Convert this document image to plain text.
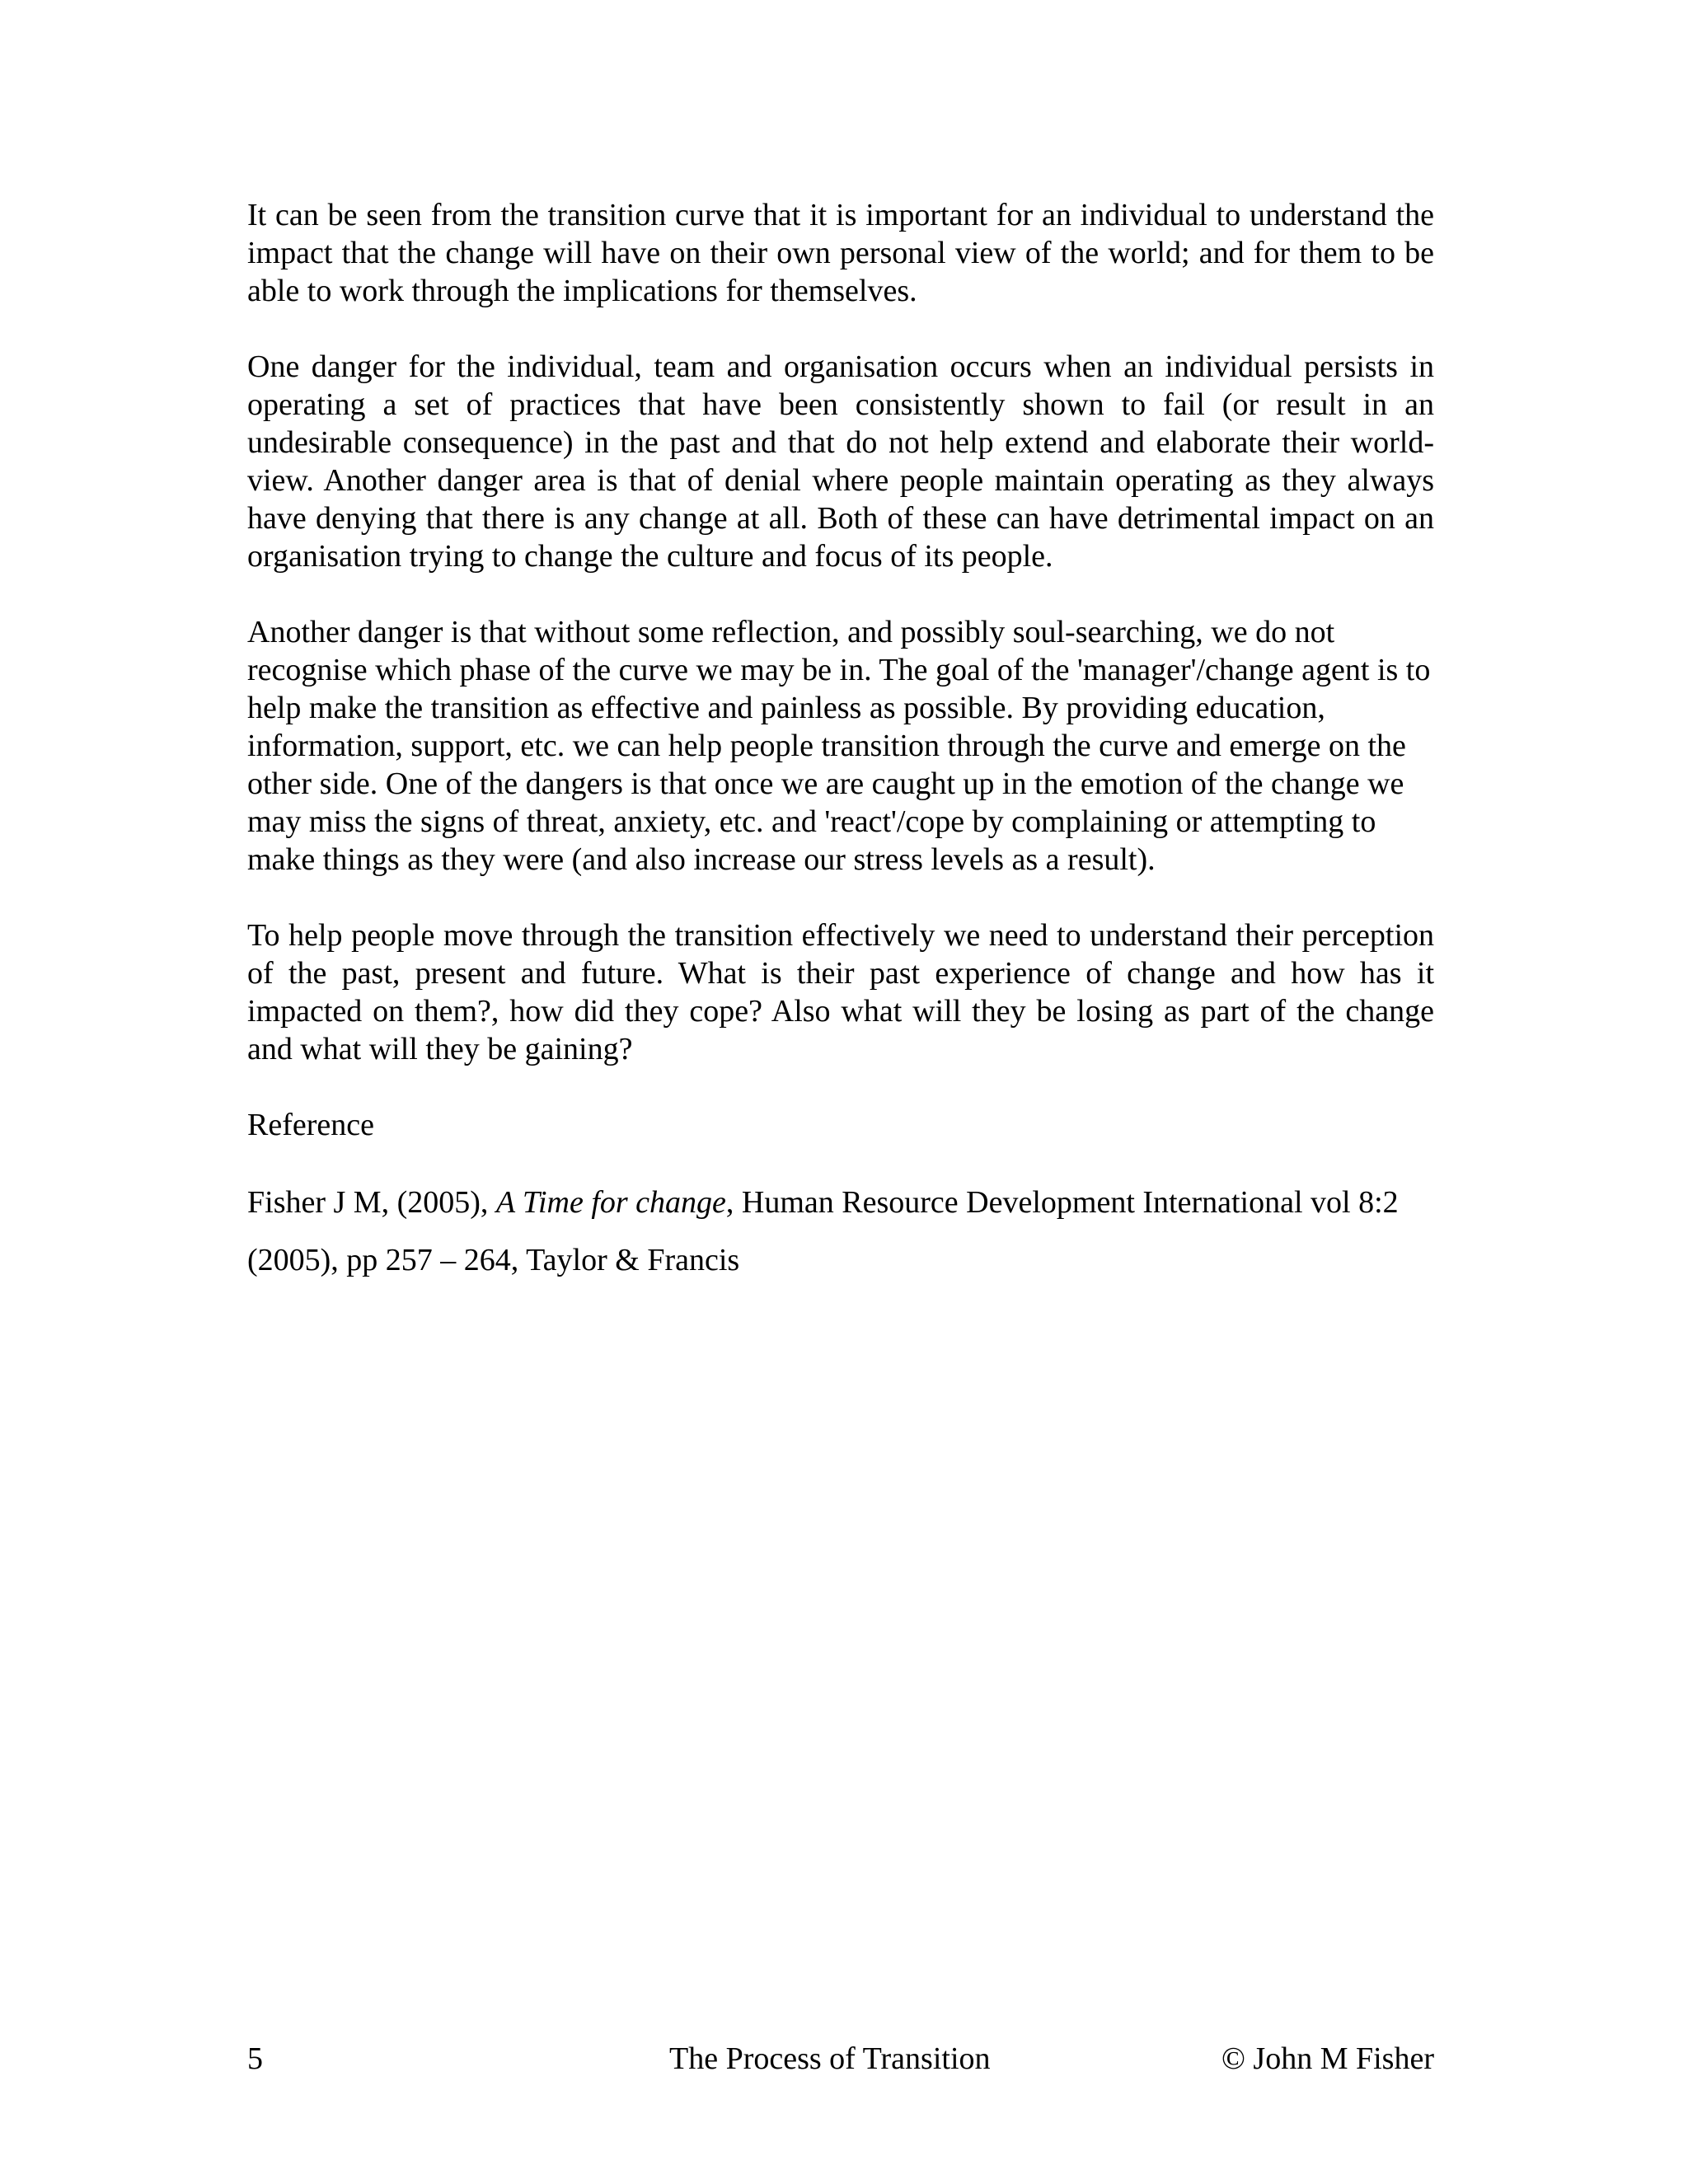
It can be seen from the transition curve that it is important for an individual to understand the impact that the change will have on their own personal view of the world; and for them to be able to work through the implications for themselves.

One danger for the individual, team and organisation occurs when an individual persists in operating a set of practices that have been consistently shown to fail (or result in an undesirable consequence) in the past and that do not help extend and elaborate their world-view. Another danger area is that of denial where people maintain operating as they always have denying that there is any change at all. Both of these can have detrimental impact on an organisation trying to change the culture and focus of its people.

Another danger is that without some reflection, and possibly soul-searching, we do not recognise which phase of the curve we may be in. The goal of the 'manager'/change agent is to help make the transition as effective and painless as possible. By providing education, information, support, etc. we can help people transition through the curve and emerge on the other side. One of the dangers is that once we are caught up in the emotion of the change we may miss the signs of threat, anxiety, etc. and 'react'/cope by complaining or attempting to make things as they were (and also increase our stress levels as a result).

To help people move through the transition effectively we need to understand their perception of the past, present and future. What is their past experience of change and how has it impacted on them?, how did they cope? Also what will they be losing as part of the change and what will they be gaining?

Reference

Fisher J M, (2005), A Time for change, Human Resource Development International vol 8:2 (2005), pp 257 – 264, Taylor & Francis

5	The Process of Transition	© John M Fisher
